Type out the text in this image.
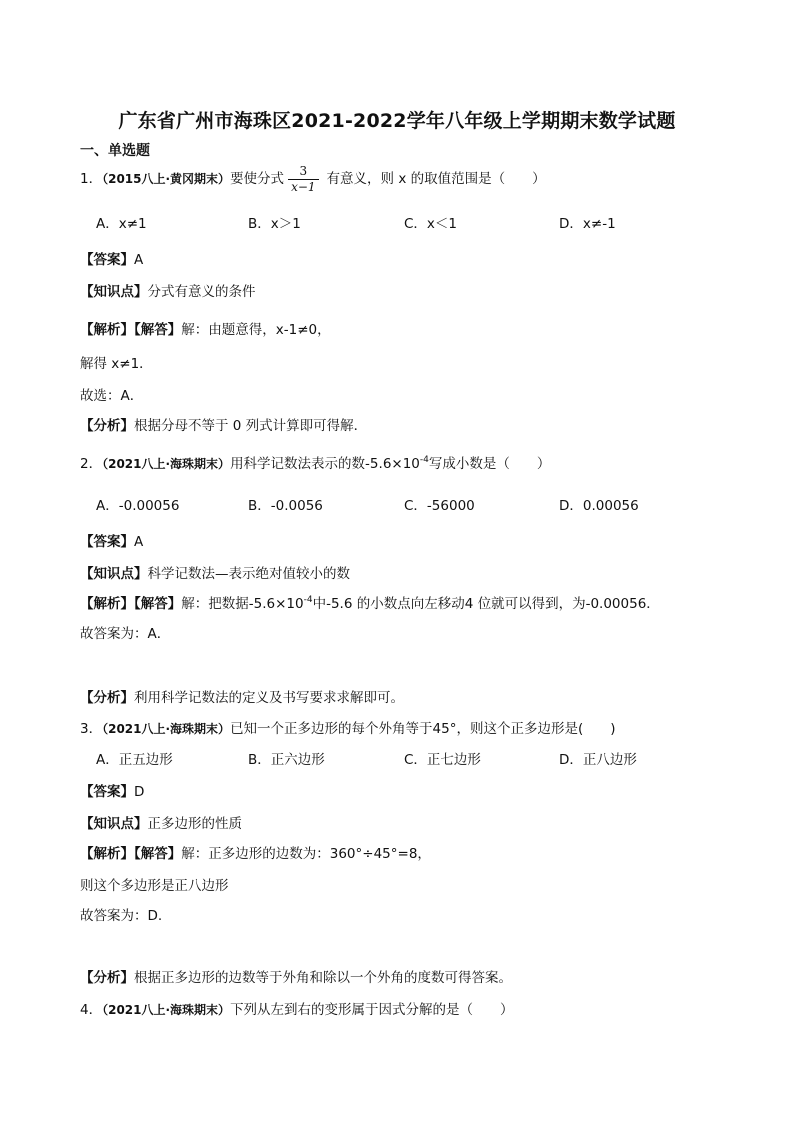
广东省广州市海珠区2021-2022学年八年级上学期期末数学试题
一、单选题
1．（2015八上·黄冈期末）要使分式 $\frac{3}{x-1}$ 有意义，则 x 的取值范围是（　　）
A．x≠1	B．x＞1	C．x＜1	D．x≠-1
【答案】A
【知识点】分式有意义的条件
【解析】【解答】解：由题意得，x-1≠0，
解得 x≠1．
故选：A．
【分析】根据分母不等于 0 列式计算即可得解．
2．（2021八上·海珠期末）用科学记数法表示的数$-5.6\times 10^{-4}$写成小数是（　　）
A．-0.00056	B．-0.0056	C．-56000	D．0.00056
【答案】A
【知识点】科学记数法—表示绝对值较小的数
【解析】【解答】解：把数据$-5.6\times 10^{-4}$中-5.6 的小数点向左移动4 位就可以得到，为-0.00056．
故答案为：A．
【分析】利用科学记数法的定义及书写要求求解即可。
3．（2021八上·海珠期末）已知一个正多边形的每个外角等于45°，则这个正多边形是(　　)
A．正五边形	B．正六边形	C．正七边形	D．正八边形
【答案】D
【知识点】正多边形的性质
【解析】【解答】解：正多边形的边数为：360°÷45°=8，
则这个多边形是正八边形
故答案为：D.
【分析】根据正多边形的边数等于外角和除以一个外角的度数可得答案。
4．（2021八上·海珠期末）下列从左到右的变形属于因式分解的是（　　）
